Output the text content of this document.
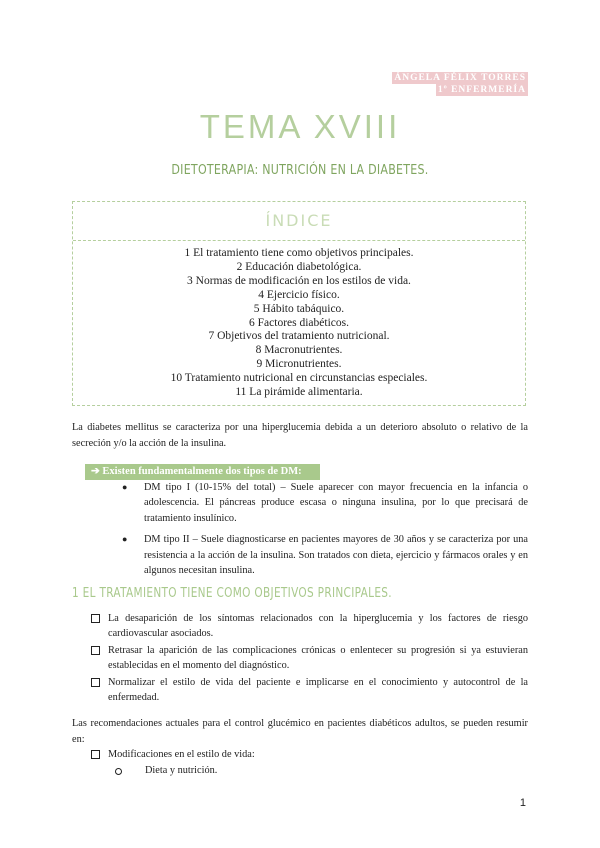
ÁNGELA FÉLIX TORRES
1º ENFERMERÍA
TEMA XVIII
DIETOTERAPIA: NUTRICIÓN EN LA DIABETES.
ÍNDICE
1 El tratamiento tiene como objetivos principales.
2 Educación diabetológica.
3 Normas de modificación en los estilos de vida.
4 Ejercicio físico.
5 Hábito tabáquico.
6 Factores diabéticos.
7 Objetivos del tratamiento nutricional.
8 Macronutrientes.
9 Micronutrientes.
10 Tratamiento nutricional en circunstancias especiales.
11 La pirámide alimentaria.

La diabetes mellitus se caracteriza por una hiperglucemia debida a un deterioro absoluto o relativo de la secreción y/o la acción de la insulina.

➔ Existen fundamentalmente dos tipos de DM:
● DM tipo I (10-15% del total) – Suele aparecer con mayor frecuencia en la infancia o adolescencia. El páncreas produce escasa o ninguna insulina, por lo que precisará de tratamiento insulínico.
● DM tipo II – Suele diagnosticarse en pacientes mayores de 30 años y se caracteriza por una resistencia a la acción de la insulina. Son tratados con dieta, ejercicio y fármacos orales y en algunos necesitan insulina.
1 EL TRATAMIENTO TIENE COMO OBJETIVOS PRINCIPALES.
La desaparición de los síntomas relacionados con la hiperglucemia y los factores de riesgo cardiovascular asociados.
Retrasar la aparición de las complicaciones crónicas o enlentecer su progresión si ya estuvieran establecidas en el momento del diagnóstico.
Normalizar el estilo de vida del paciente e implicarse en el conocimiento y autocontrol de la enfermedad.

Las recomendaciones actuales para el control glucémico en pacientes diabéticos adultos, se pueden resumir en:

Modificaciones en el estilo de vida:
Dieta y nutrición.
1
